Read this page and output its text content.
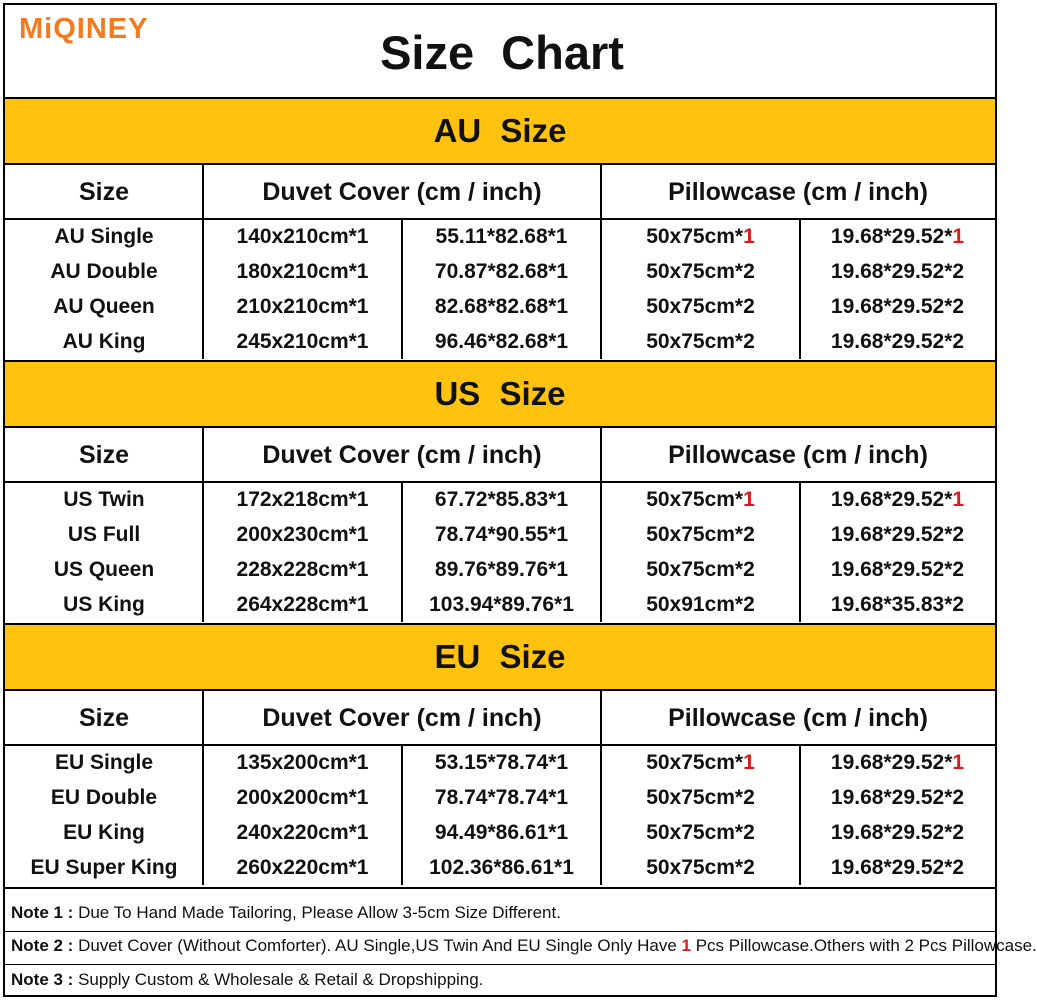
MiQINEY	Size Chart
AU Size
Size	Duvet Cover (cm / inch)	Pillowcase (cm / inch)
AU Single	140x210cm*1	55.11*82.68*1	50x75cm* 1	19.68*29.52* 1
AU Double	180x210cm*1	70.87*82.68*1	50x75cm* 2	19.68*29.52* 2
AU Queen	210x210cm*1	82.68*82.68*1	50x75cm* 2	19.68*29.52* 2
AU King	245x210cm*1	96.46*82.68*1	50x75cm* 2	19.68*29.52* 2
US Size
Size	Duvet Cover (cm / inch)	Pillowcase (cm / inch)
US Twin	172x218cm*1	67.72*85.83*1	50x75cm* 1	19.68*29.52* 1
US Full	200x230cm*1	78.74*90.55*1	50x75cm* 2	19.68*29.52* 2
US Queen	228x228cm*1	89.76*89.76*1	50x75cm* 2	19.68*29.52* 2
US King	264x228cm*1	103.94*89.76*1	50x91cm* 2	19.68*35.83* 2
EU Size
Size	Duvet Cover (cm / inch)	Pillowcase (cm / inch)
EU Single	135x200cm*1	53.15*78.74*1	50x75cm* 1	19.68*29.52* 1
EU Double	200x200cm*1	78.74*78.74*1	50x75cm* 2	19.68*29.52* 2
EU King	240x220cm*1	94.49*86.61*1	50x75cm* 2	19.68*29.52* 2
EU Super King	260x220cm*1	102.36*86.61*1	50x75cm* 2	19.68*29.52* 2
Note 1 : Due To Hand Made Tailoring, Please Allow 3-5cm Size Different.
Note 2 : Duvet Cover (Without Comforter). AU Single,US Twin And EU Single Only Have 1 Pcs Pillowcase.Others with 2 Pcs Pillowcase.
Note 3 : Supply Custom & Wholesale & Retail & Dropshipping.
